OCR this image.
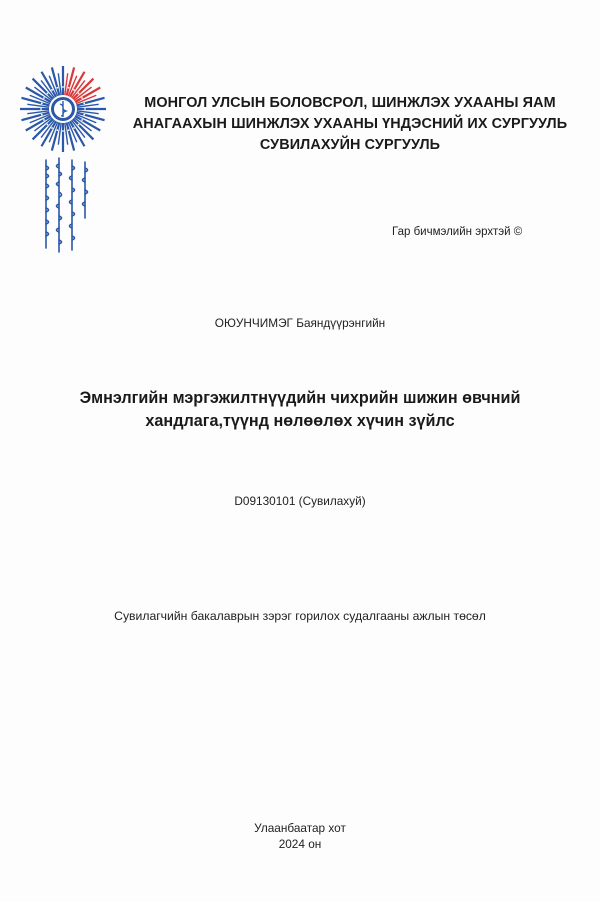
МОНГОЛ УЛСЫН БОЛОВСРОЛ, ШИНЖЛЭХ УХААНЫ ЯАМ
АНАГААХЫН ШИНЖЛЭХ УХААНЫ ҮНДЭСНИЙ ИХ СУРГУУЛЬ
СУВИЛАХУЙН СУРГУУЛЬ
Гар бичмэлийн эрхтэй ©
ОЮУНЧИМЭГ Баяндүүрэнгийн
Эмнэлгийн мэргэжилтнүүдийн чихрийн шижин өвчний
хандлага,түүнд нөлөөлөх хүчин зүйлс
D09130101 (Сувилахуй)
Сувилагчийн бакалаврын зэрэг горилох судалгааны ажлын төсөл
Улаанбаатар хот
2024 он
